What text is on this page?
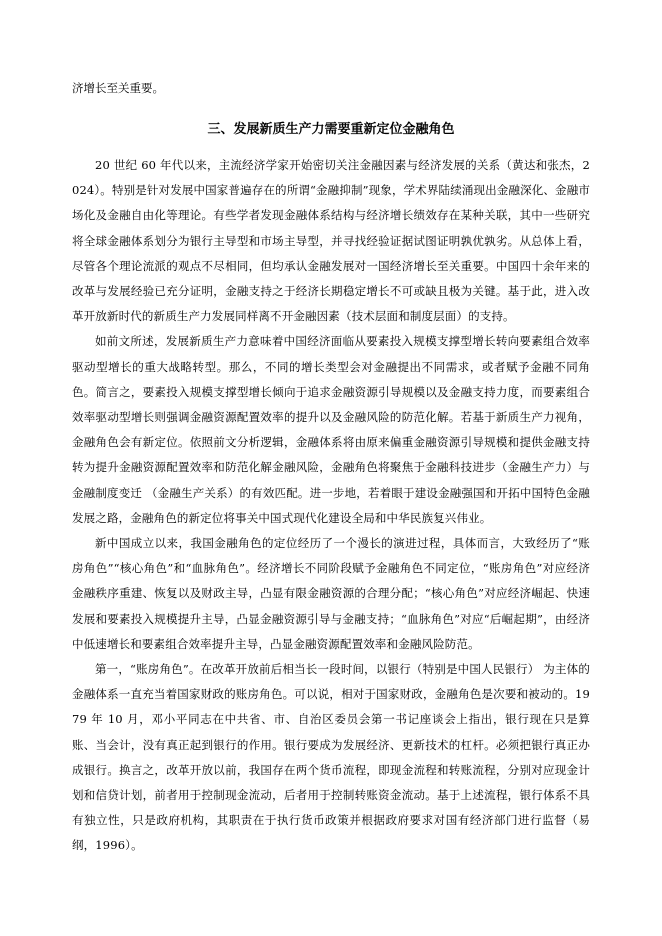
济增长至关重要。
三、发展新质生产力需要重新定位金融角色

20 世纪 60 年代以来，主流经济学家开始密切关注金融因素与经济发展的关系（黄达和张杰，2024）。特别是针对发展中国家普遍存在的所谓“金融抑制”现象，学术界陆续涌现出金融深化、金融市场化及金融自由化等理论。有些学者发现金融体系结构与经济增长绩效存在某种关联，其中一些研究将全球金融体系划分为银行主导型和市场主导型，并寻找经验证据试图证明孰优孰劣。从总体上看，尽管各个理论流派的观点不尽相同，但均承认金融发展对一国经济增长至关重要。中国四十余年来的改革与发展经验已充分证明，金融支持之于经济长期稳定增长不可或缺且极为关键。基于此，进入改革开放新时代的新质生产力发展同样离不开金融因素（技术层面和制度层面）的支持。

如前文所述，发展新质生产力意味着中国经济面临从要素投入规模支撑型增长转向要素组合效率驱动型增长的重大战略转型。那么，不同的增长类型会对金融提出不同需求，或者赋予金融不同角色。简言之，要素投入规模支撑型增长倾向于追求金融资源引导规模以及金融支持力度，而要素组合效率驱动型增长则强调金融资源配置效率的提升以及金融风险的防范化解。若基于新质生产力视角，金融角色会有新定位。依照前文分析逻辑，金融体系将由原来偏重金融资源引导规模和提供金融支持转为提升金融资源配置效率和防范化解金融风险，金融角色将聚焦于金融科技进步（金融生产力）与金融制度变迁 （金融生产关系）的有效匹配。进一步地，若着眼于建设金融强国和开拓中国特色金融发展之路，金融角色的新定位将事关中国式现代化建设全局和中华民族复兴伟业。

新中国成立以来，我国金融角色的定位经历了一个漫长的演进过程，具体而言，大致经历了“账房角色”“核心角色”和“血脉角色”。经济增长不同阶段赋予金融角色不同定位，“账房角色”对应经济金融秩序重建、恢复以及财政主导，凸显有限金融资源的合理分配；“核心角色”对应经济崛起、快速发展和要素投入规模提升主导，凸显金融资源引导与金融支持；“血脉角色”对应“后崛起期”，由经济中低速增长和要素组合效率提升主导，凸显金融资源配置效率和金融风险防范。

第一，“账房角色”。在改革开放前后相当长一段时间，以银行（特别是中国人民银行） 为主体的金融体系一直充当着国家财政的账房角色。可以说，相对于国家财政，金融角色是次要和被动的。1979 年 10 月，邓小平同志在中共省、市、自治区委员会第一书记座谈会上指出，银行现在只是算账、当会计，没有真正起到银行的作用。银行要成为发展经济、更新技术的杠杆。必须把银行真正办成银行。换言之，改革开放以前，我国存在两个货币流程，即现金流程和转账流程，分别对应现金计划和信贷计划，前者用于控制现金流动，后者用于控制转账资金流动。基于上述流程，银行体系不具有独立性，只是政府机构，其职责在于执行货币政策并根据政府要求对国有经济部门进行监督（易纲，1996）。
